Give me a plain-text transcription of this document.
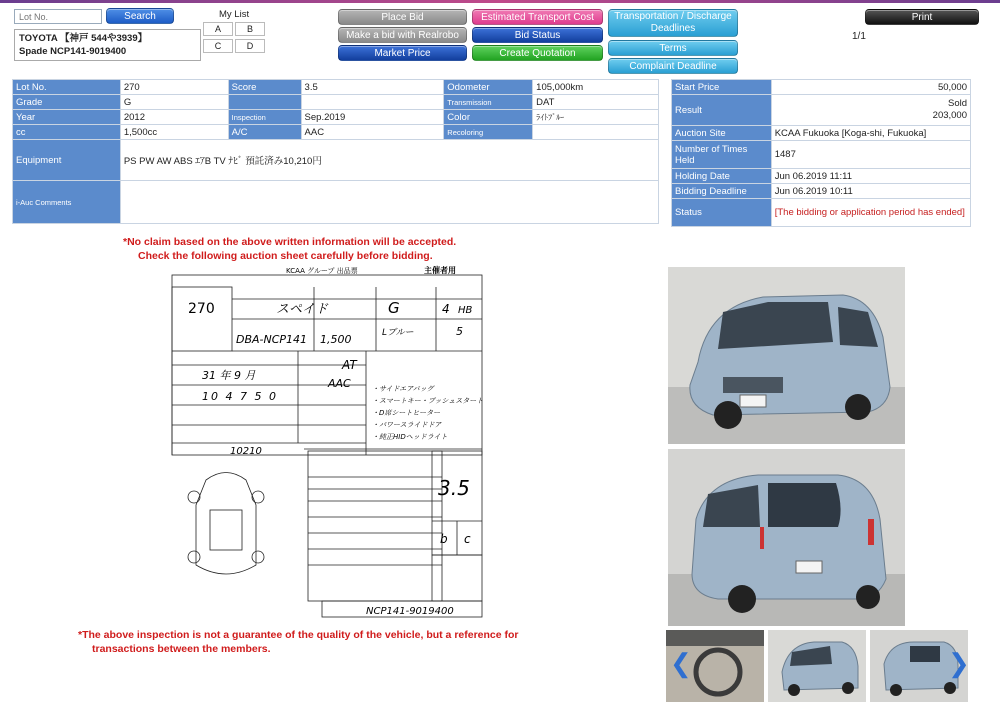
Lot No.
Search
TOYOTA 【神戸 544や3939】
Spade NCP141-9019400
My List
A	B
C	D
Place Bid
Make a bid with Realrobo
Market Price
Estimated Transport Cost
Bid Status
Create Quotation
Transportation / Discharge Deadlines
Terms
Complaint Deadline
Print
1/1
Lot No.	270	Score	3.5	Odometer	105,000km
Grade	G			Transmission	DAT
Year	2012	Inspection	Sep.2019	Color	ﾗｲﾄﾌﾞﾙｰ
cc	1,500cc	A/C	AAC	Recoloring	
Equipment	PS PW AW ABS ｴｱB TV ﾅﾋﾞ 預託済み10,210円				
i-Auc Comments					
Start Price	50,000
Result	Sold
203,000

Auction Site	KCAA Fukuoka [Koga-shi, Fukuoka]
Number of Times Held	1487
Holding Date	Jun 06.2019 11:11
Bidding Deadline	Jun 06.2019 10:11
Status	[The bidding or application period has ended]
*No claim based on the above written information will be accepted.
Check the following auction sheet carefully before bidding.
KCAA グループ 出品票	主催者用
270	スペイド	G	4 HB
DBA-NCP141 1,500	Lブルー	5
31 年 9 月
10 4 7 5 0
AT
AAC
10210
・サイドエアバッグ
・スマートキー・プッシュスタート
・D席シートヒーター
・パワースライドドア
・純正HIDヘッドライト
3.5
b c
NCP141-9019400
*The above inspection is not a guarantee of the quality of the vehicle, but a reference for
transactions between the members.	❮	❯
